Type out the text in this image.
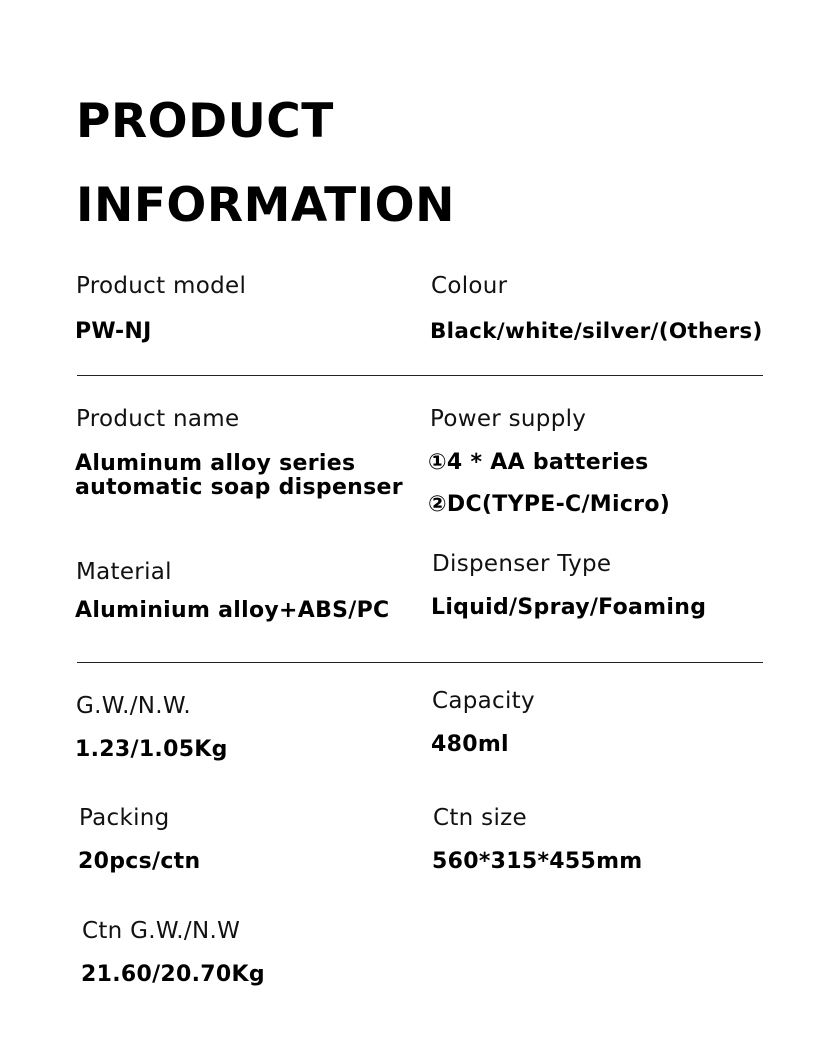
PRODUCT
INFORMATION
Product model
PW-NJ
Colour
Black/white/silver/(Others)
Product name
Aluminum alloy series
automatic soap dispenser
Power supply
①4 * AA batteries
②DC(TYPE-C/Micro)
Material
Aluminium alloy+ABS/PC
Dispenser Type
Liquid/Spray/Foaming
G.W./N.W.
1.23/1.05Kg
Capacity
480ml
Packing
20pcs/ctn
Ctn size
560*315*455mm
Ctn G.W./N.W
21.60/20.70Kg
